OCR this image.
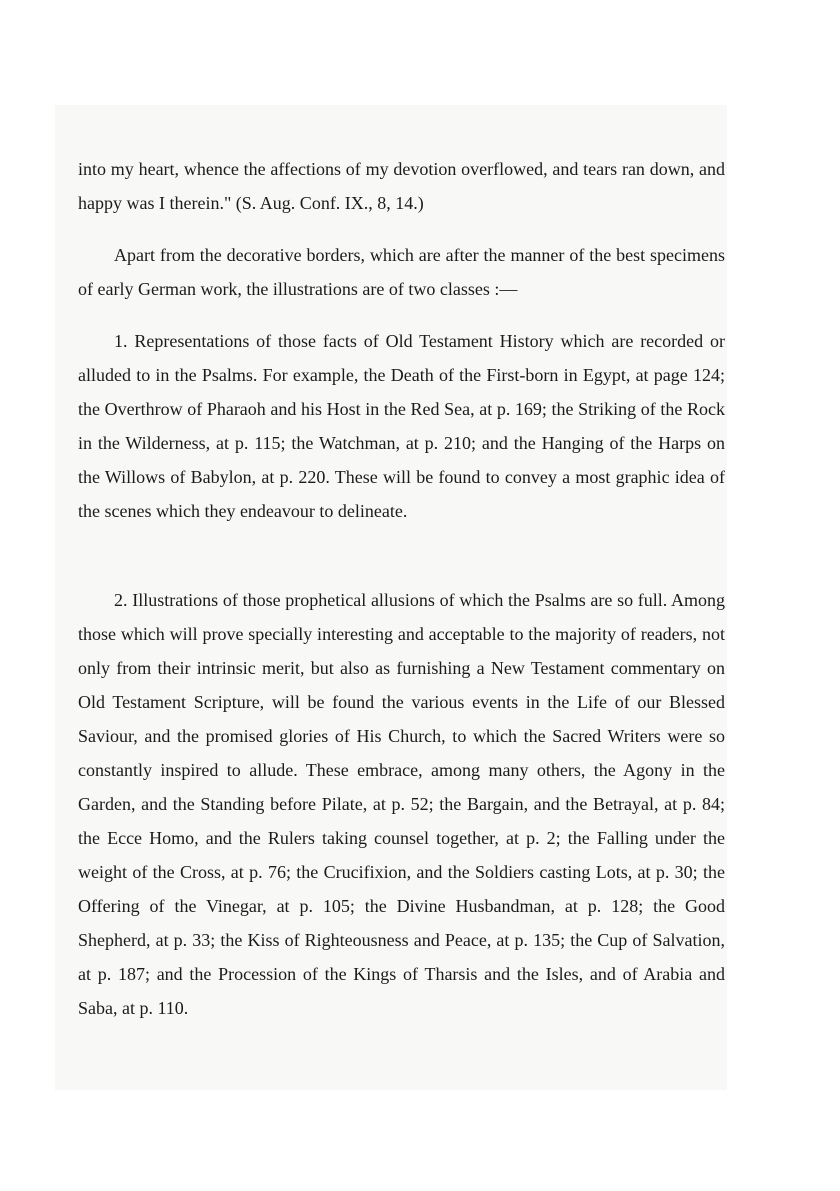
into my heart, whence the affections of my devotion overflowed, and tears ran down, and happy was I therein." (S. Aug. Conf. IX., 8, 14.)

Apart from the decorative borders, which are after the manner of the best specimens of early German work, the illustrations are of two classes :—

1. Representations of those facts of Old Testament History which are recorded or alluded to in the Psalms. For example, the Death of the First-born in Egypt, at page 124; the Overthrow of Pharaoh and his Host in the Red Sea, at p. 169; the Striking of the Rock in the Wilderness, at p. 115; the Watchman, at p. 210; and the Hanging of the Harps on the Willows of Babylon, at p. 220. These will be found to convey a most graphic idea of the scenes which they endeavour to delineate.

2. Illustrations of those prophetical allusions of which the Psalms are so full. Among those which will prove specially interesting and acceptable to the majority of readers, not only from their intrinsic merit, but also as furnishing a New Testament commentary on Old Testament Scripture, will be found the various events in the Life of our Blessed Saviour, and the promised glories of His Church, to which the Sacred Writers were so constantly inspired to allude. These embrace, among many others, the Agony in the Garden, and the Standing before Pilate, at p. 52; the Bargain, and the Betrayal, at p. 84; the Ecce Homo, and the Rulers taking counsel together, at p. 2; the Falling under the weight of the Cross, at p. 76; the Crucifixion, and the Soldiers casting Lots, at p. 30; the Offering of the Vinegar, at p. 105; the Divine Husbandman, at p. 128; the Good Shepherd, at p. 33; the Kiss of Righteousness and Peace, at p. 135; the Cup of Salvation, at p. 187; and the Procession of the Kings of Tharsis and the Isles, and of Arabia and Saba, at p. 110.
